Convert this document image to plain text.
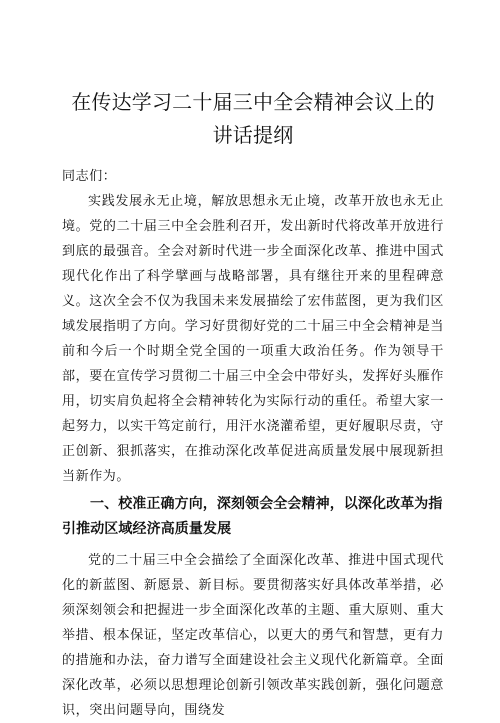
在传达学习二十届三中全会精神会议上的讲话提纲

同志们：

实践发展永无止境，解放思想永无止境，改革开放也永无止境。党的二十届三中全会胜利召开，发出新时代将改革开放进行到底的最强音。全会对新时代进一步全面深化改革、推进中国式现代化作出了科学擘画与战略部署，具有继往开来的里程碑意义。这次全会不仅为我国未来发展描绘了宏伟蓝图，更为我们区域发展指明了方向。学习好贯彻好党的二十届三中全会精神是当前和今后一个时期全党全国的一项重大政治任务。作为领导干部，要在宣传学习贯彻二十届三中全会中带好头，发挥好头雁作用，切实肩负起将全会精神转化为实际行动的重任。希望大家一起努力，以实干笃定前行，用汗水浇灌希望，更好履职尽责，守正创新、狠抓落实，在推动深化改革促进高质量发展中展现新担当新作为。

一、校准正确方向，深刻领会全会精神，以深化改革为指引推动区域经济高质量发展

党的二十届三中全会描绘了全面深化改革、推进中国式现代化的新蓝图、新愿景、新目标。要贯彻落实好具体改革举措，必须深刻领会和把握进一步全面深化改革的主题、重大原则、重大举措、根本保证，坚定改革信心，以更大的勇气和智慧，更有力的措施和办法，奋力谱写全面建设社会主义现代化新篇章。全面深化改革，必须以思想理论创新引领改革实践创新，强化问题意识，突出问题导向，围绕发
